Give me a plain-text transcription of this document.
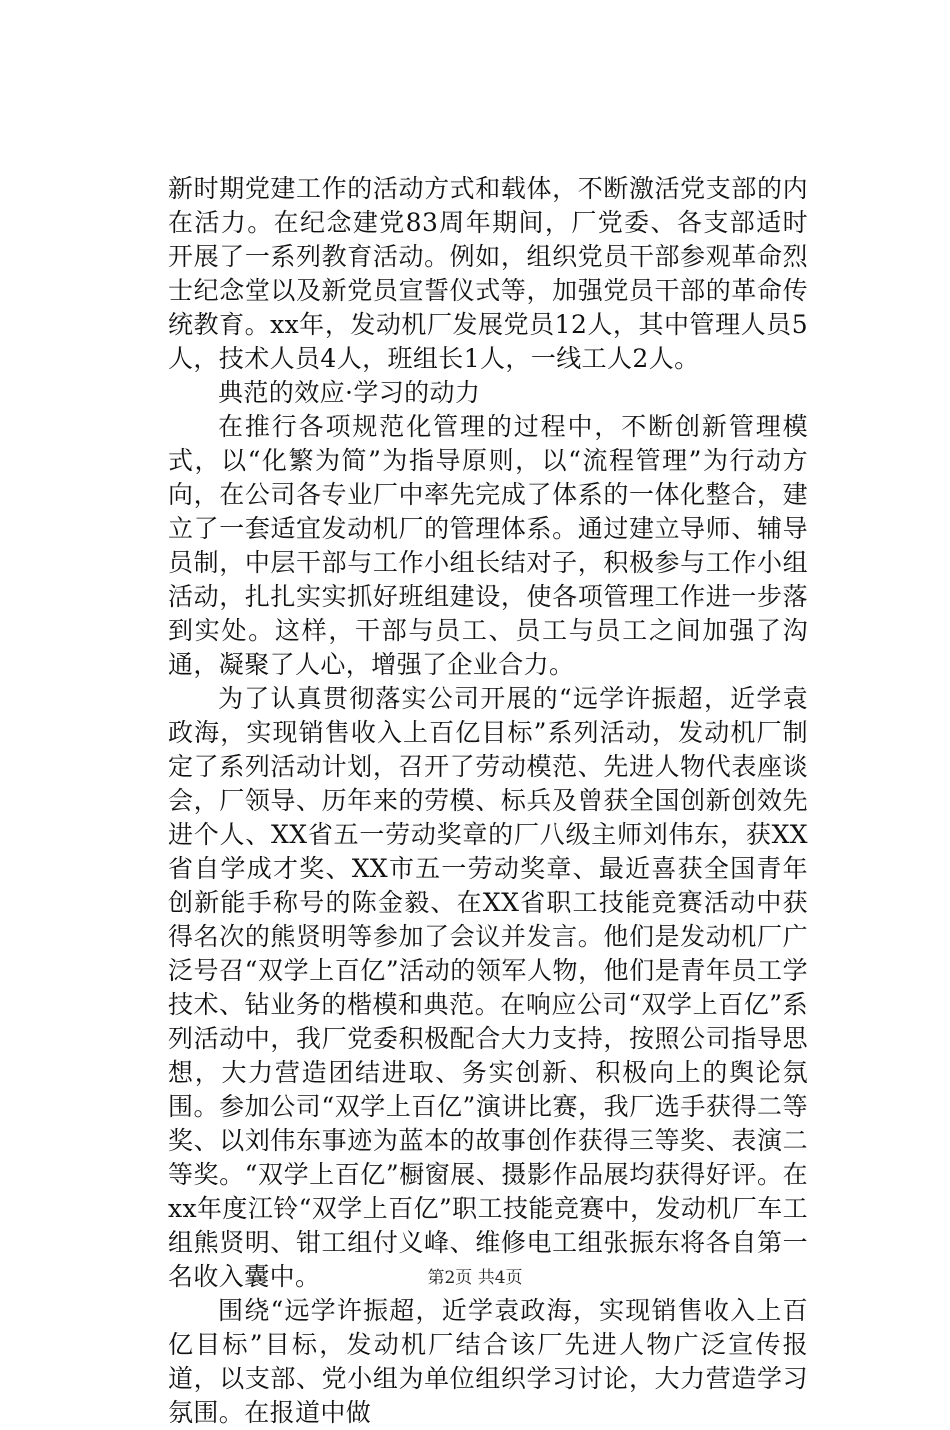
新时期党建工作的活动方式和载体，不断激活党支部的内在活力。在纪念建党83周年期间，厂党委、各支部适时开展了一系列教育活动。例如，组织党员干部参观革命烈士纪念堂以及新党员宣誓仪式等，加强党员干部的革命传统教育。xx年，发动机厂发展党员12人，其中管理人员5人，技术人员4人，班组长1人，一线工人2人。

典范的效应·学习的动力

在推行各项规范化管理的过程中，不断创新管理模式，以“化繁为简”为指导原则，以“流程管理”为行动方向，在公司各专业厂中率先完成了体系的一体化整合，建立了一套适宜发动机厂的管理体系。通过建立导师、辅导员制，中层干部与工作小组长结对子，积极参与工作小组活动，扎扎实实抓好班组建设，使各项管理工作进一步落到实处。这样，干部与员工、员工与员工之间加强了沟通，凝聚了人心，增强了企业合力。

为了认真贯彻落实公司开展的“远学许振超，近学袁政海，实现销售收入上百亿目标”系列活动，发动机厂制定了系列活动计划，召开了劳动模范、先进人物代表座谈会，厂领导、历年来的劳模、标兵及曾获全国创新创效先进个人、XX省五一劳动奖章的厂八级主师刘伟东，获XX省自学成才奖、XX市五一劳动奖章、最近喜获全国青年创新能手称号的陈金毅、在XX省职工技能竞赛活动中获得名次的熊贤明等参加了会议并发言。他们是发动机厂广泛号召“双学上百亿”活动的领军人物，他们是青年员工学技术、钻业务的楷模和典范。在响应公司“双学上百亿”系列活动中，我厂党委积极配合大力支持，按照公司指导思想，大力营造团结进取、务实创新、积极向上的舆论氛围。参加公司“双学上百亿”演讲比赛，我厂选手获得二等奖、以刘伟东事迹为蓝本的故事创作获得三等奖、表演二等奖。“双学上百亿”橱窗展、摄影作品展均获得好评。在xx年度江铃“双学上百亿”职工技能竞赛中，发动机厂车工组熊贤明、钳工组付义峰、维修电工组张振东将各自第一名收入囊中。

围绕“远学许振超，近学袁政海，实现销售收入上百亿目标”目标，发动机厂结合该厂先进人物广泛宣传报道，以支部、党小组为单位组织学习讨论，大力营造学习氛围。在报道中做

第2页 共4页
